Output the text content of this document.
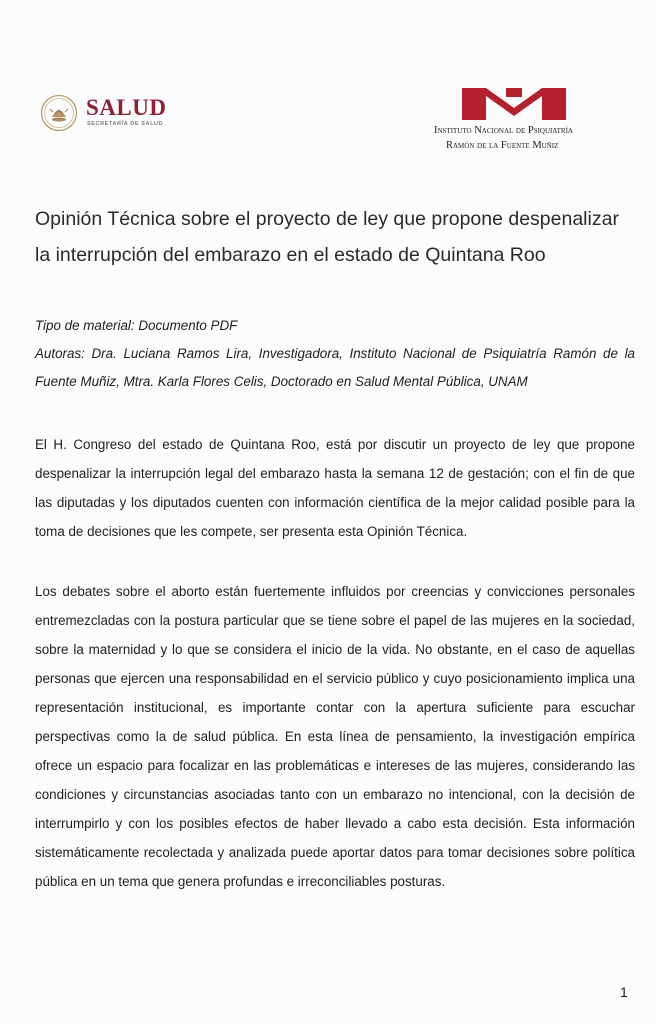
SALUD
SECRETARÍA DE SALUD
Instituto Nacional de Psiquiatría
Ramón de la Fuente Muñiz
Opinión Técnica sobre el proyecto de ley que propone despenalizar la interrupción del embarazo en el estado de Quintana Roo

Tipo de material: Documento PDF

Autoras: Dra. Luciana Ramos Lira, Investigadora, Instituto Nacional de Psiquiatría Ramón de la Fuente Muñiz, Mtra. Karla Flores Celis, Doctorado en Salud Mental Pública, UNAM

El H. Congreso del estado de Quintana Roo, está por discutir un proyecto de ley que propone despenalizar la interrupción legal del embarazo hasta la semana 12 de gestación; con el fin de que las diputadas y los diputados cuenten con información científica de la mejor calidad posible para la toma de decisiones que les compete, ser presenta esta Opinión Técnica.

Los debates sobre el aborto están fuertemente influidos por creencias y convicciones personales entremezcladas con la postura particular que se tiene sobre el papel de las mujeres en la sociedad, sobre la maternidad y lo que se considera el inicio de la vida. No obstante, en el caso de aquellas personas que ejercen una responsabilidad en el servicio público y cuyo posicionamiento implica una representación institucional, es importante contar con la apertura suficiente para escuchar perspectivas como la de salud pública. En esta línea de pensamiento, la investigación empírica ofrece un espacio para focalizar en las problemáticas e intereses de las mujeres, considerando las condiciones y circunstancias asociadas tanto con un embarazo no intencional, con la decisión de interrumpirlo y con los posibles efectos de haber llevado a cabo esta decisión. Esta información sistemáticamente recolectada y analizada puede aportar datos para tomar decisiones sobre política pública en un tema que genera profundas e irreconciliables posturas.

1
